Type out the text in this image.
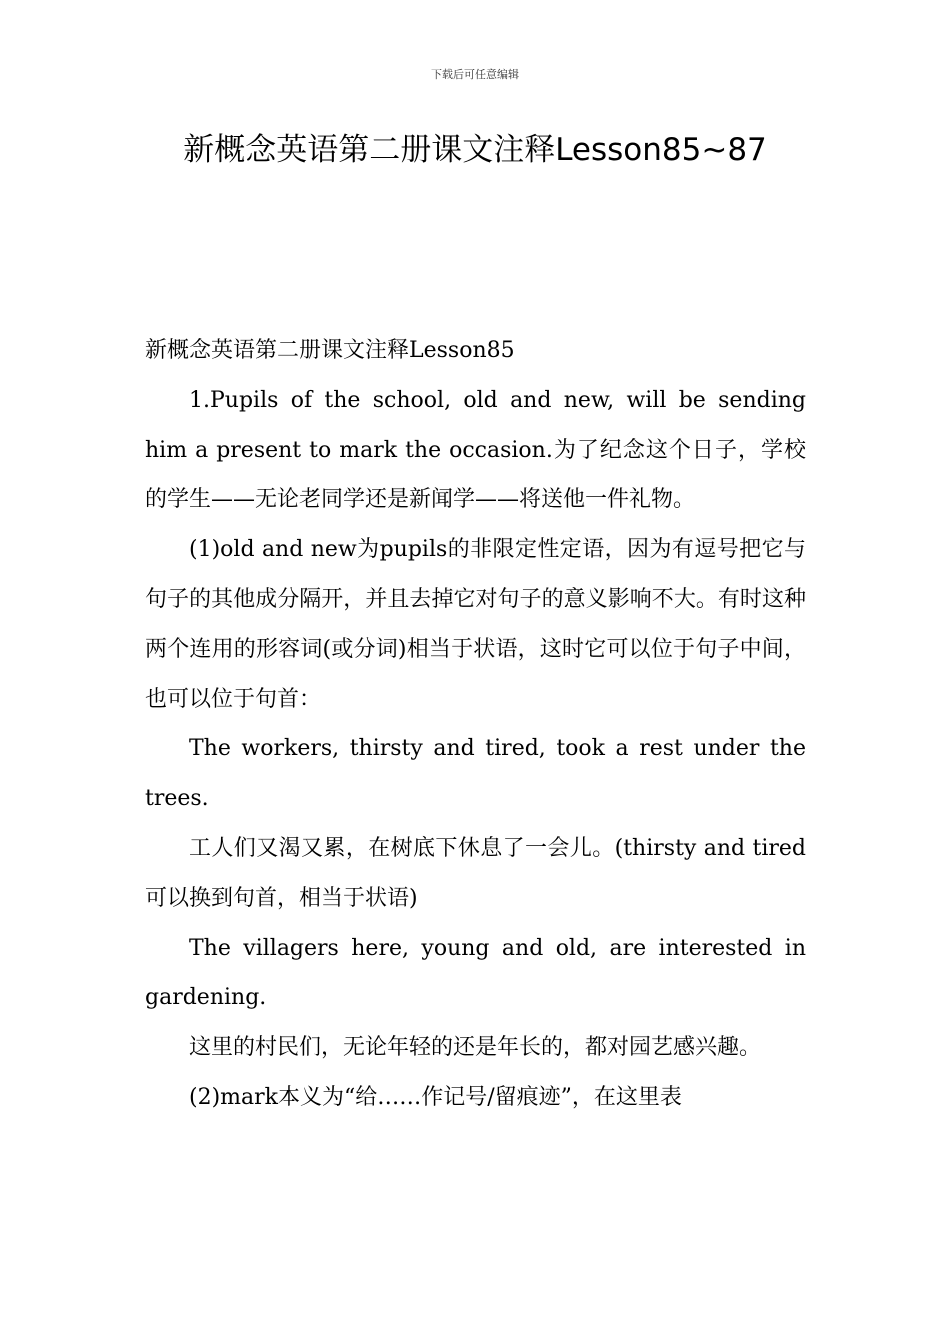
下载后可任意编辑
新概念英语第二册课文注释Lesson85~87

新概念英语第二册课文注释Lesson85

1.Pupils of the school, old and new, will be sending him a present to mark the occasion.为了纪念这个日子，学校的学生——无论老同学还是新闻学——将送他一件礼物。

(1)old and new为pupils的非限定性定语，因为有逗号把它与句子的其他成分隔开，并且去掉它对句子的意义影响不大。有时这种两个连用的形容词(或分词)相当于状语，这时它可以位于句子中间，也可以位于句首：

The workers, thirsty and tired, took a rest under the trees.

工人们又渴又累，在树底下休息了一会儿。(thirsty and tired可以换到句首，相当于状语)

The villagers here, young and old, are interested in gardening.

这里的村民们，无论年轻的还是年长的，都对园艺感兴趣。

(2)mark本义为“给……作记号/留痕迹”，在这里表
